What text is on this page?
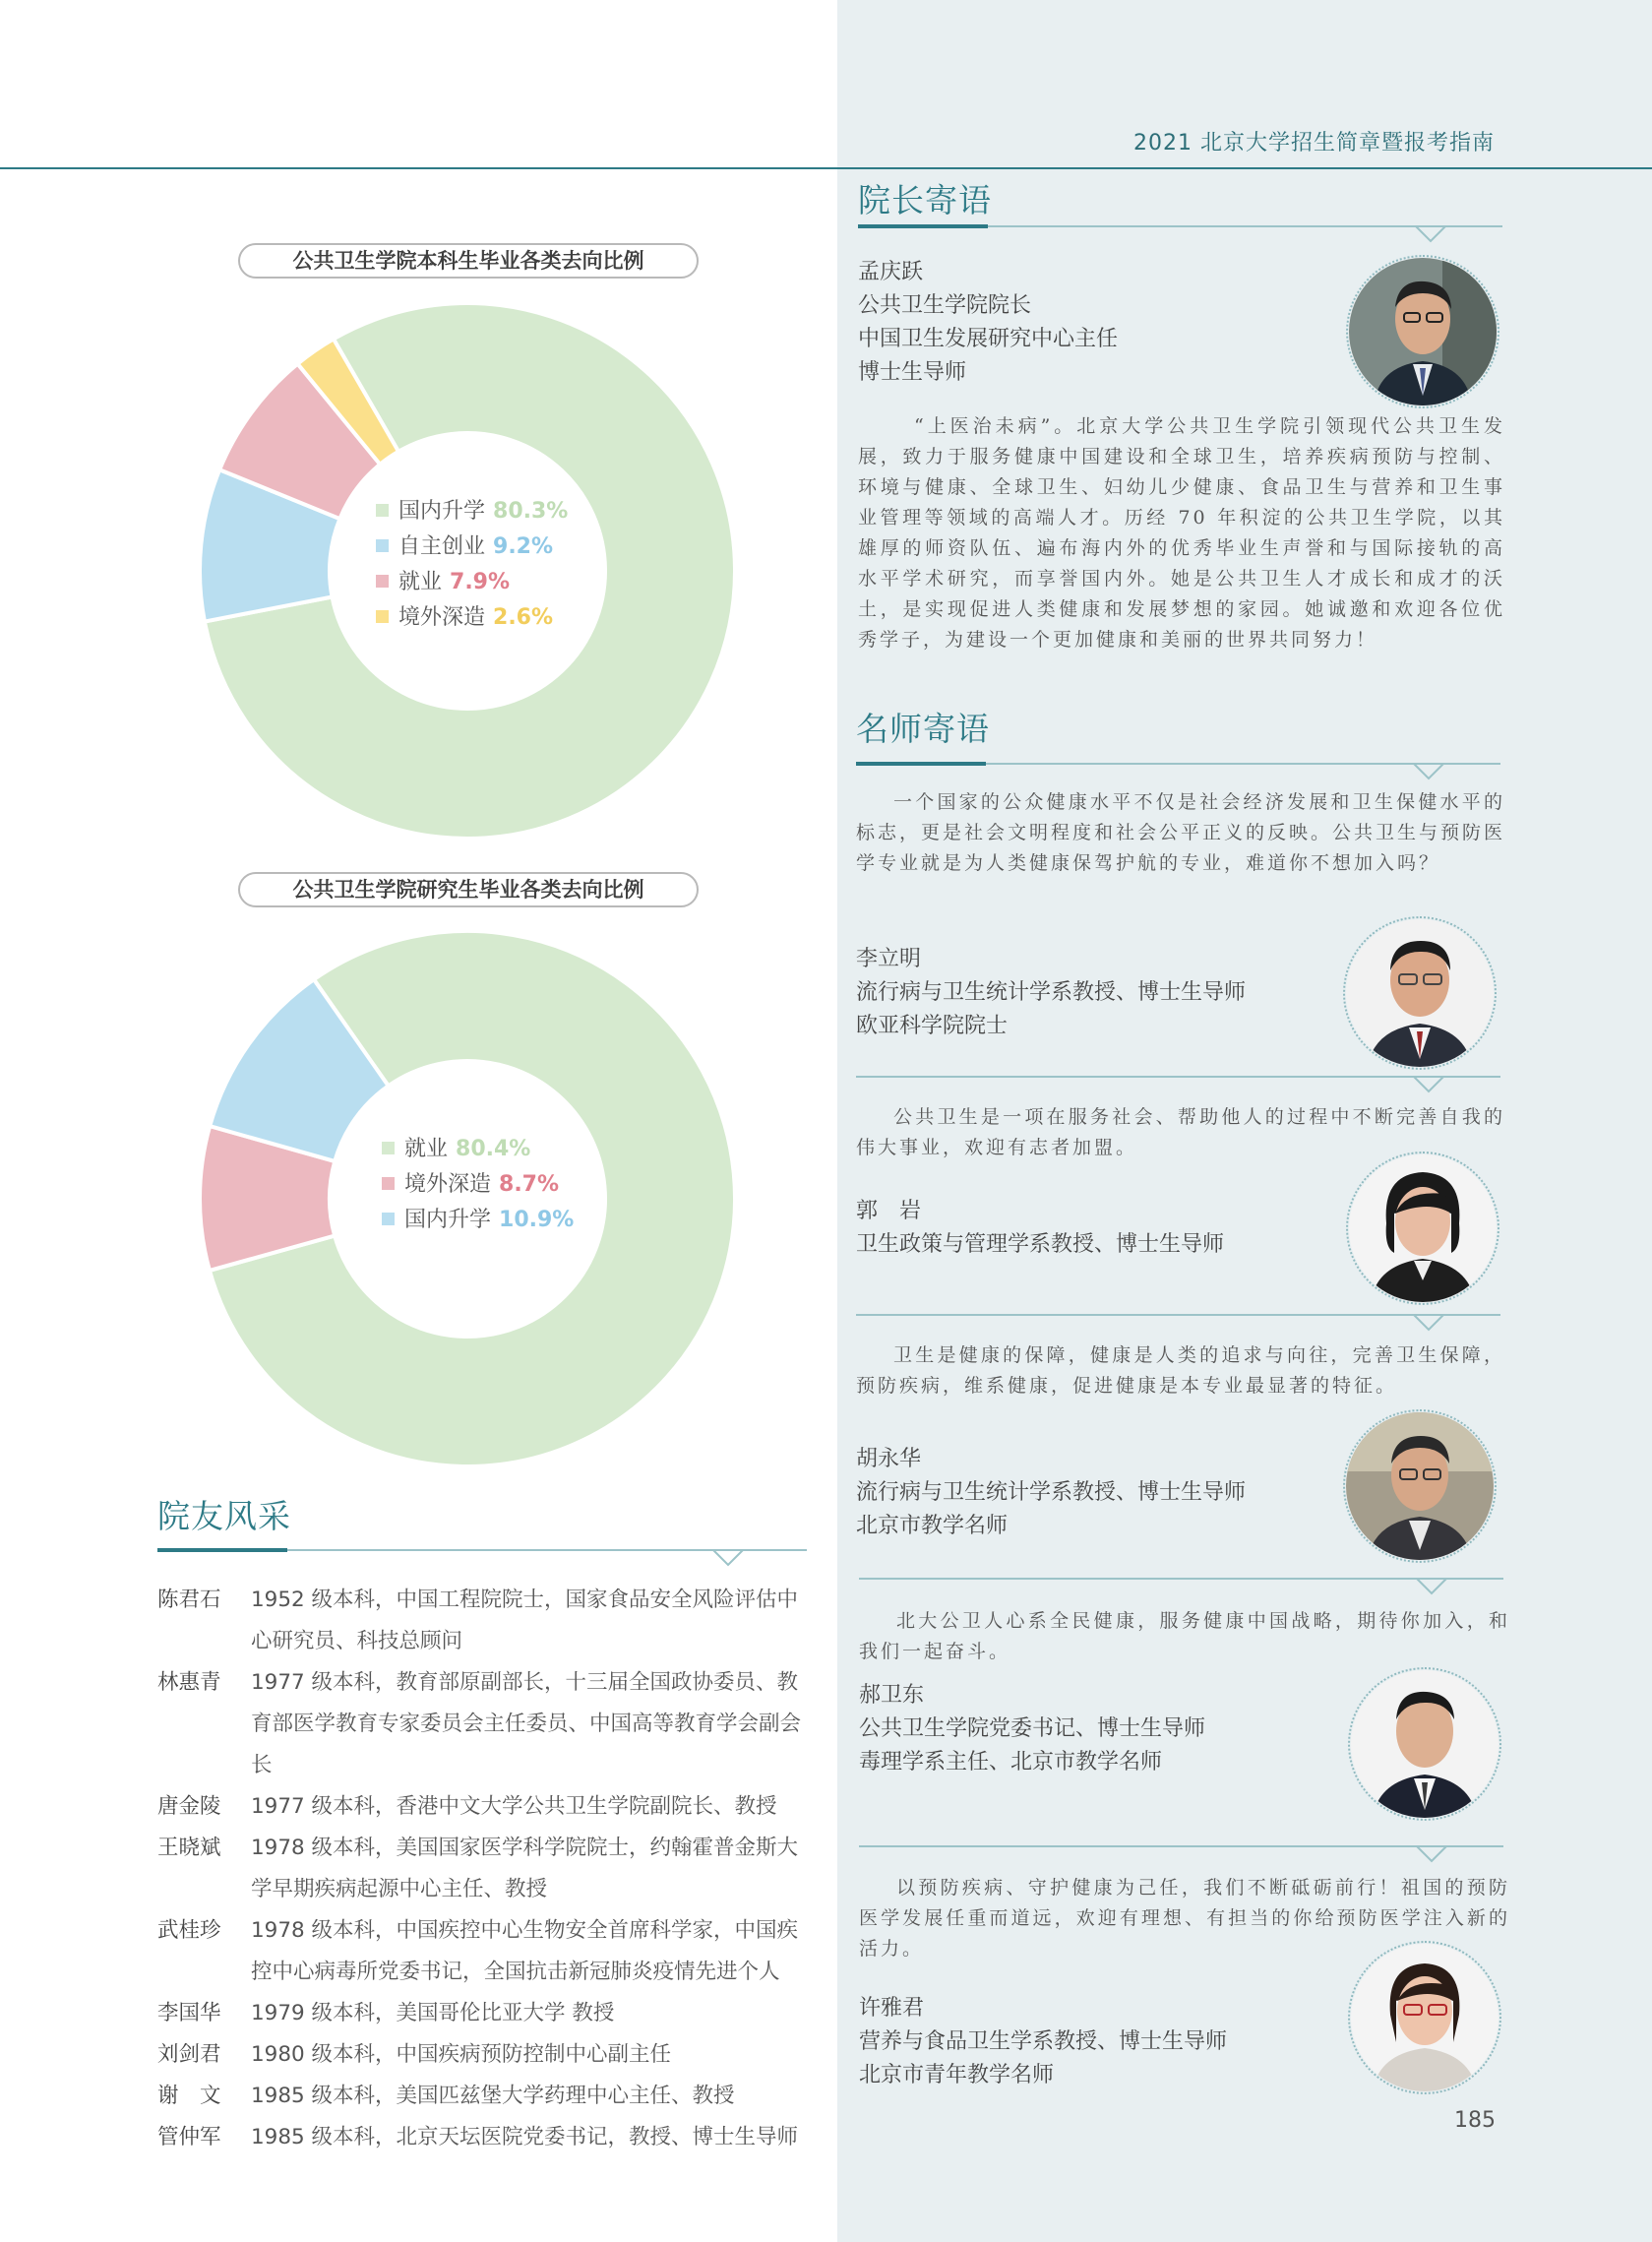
2021 北京大学招生简章暨报考指南
公共卫生学院本科生毕业各类去向比例
国内升学 80.3%
自主创业 9.2%
就业 7.9%
境外深造 2.6%
公共卫生学院研究生毕业各类去向比例
就业 80.4%
境外深造 8.7%
国内升学 10.9%
院友风采
陈君石	1952 级本科，中国工程院院士，国家食品安全风险评估中心研究员、科技总顾问
林惠青	1977 级本科，教育部原副部长，十三届全国政协委员、教育部医学教育专家委员会主任委员、中国高等教育学会副会长
唐金陵	1977 级本科，香港中文大学公共卫生学院副院长、教授
王晓斌	1978 级本科，美国国家医学科学院院士，约翰霍普金斯大学早期疾病起源中心主任、教授
武桂珍	1978 级本科，中国疾控中心生物安全首席科学家，中国疾控中心病毒所党委书记，全国抗击新冠肺炎疫情先进个人
李国华	1979 级本科，美国哥伦比亚大学 教授
刘剑君	1980 级本科，中国疾病预防控制中心副主任
谢　文	1985 级本科，美国匹兹堡大学药理中心主任、教授
管仲军	1985 级本科，北京天坛医院党委书记，教授、博士生导师
院长寄语
孟庆跃
公共卫生学院院长
中国卫生发展研究中心主任
博士生导师
“上医治未病”。北京大学公共卫生学院引领现代公共卫生发展，致力于服务健康中国建设和全球卫生，培养疾病预防与控制、环境与健康、全球卫生、妇幼儿少健康、食品卫生与营养和卫生事业管理等领域的高端人才。历经 70 年积淀的公共卫生学院，以其雄厚的师资队伍、遍布海内外的优秀毕业生声誉和与国际接轨的高水平学术研究，而享誉国内外。她是公共卫生人才成长和成才的沃土，是实现促进人类健康和发展梦想的家园。她诚邀和欢迎各位优秀学子，为建设一个更加健康和美丽的世界共同努力！
名师寄语
一个国家的公众健康水平不仅是社会经济发展和卫生保健水平的标志，更是社会文明程度和社会公平正义的反映。公共卫生与预防医学专业就是为人类健康保驾护航的专业，难道你不想加入吗？
李立明
流行病与卫生统计学系教授、博士生导师
欧亚科学院院士
公共卫生是一项在服务社会、帮助他人的过程中不断完善自我的伟大事业，欢迎有志者加盟。
郭　岩
卫生政策与管理学系教授、博士生导师
卫生是健康的保障，健康是人类的追求与向往，完善卫生保障，预防疾病，维系健康，促进健康是本专业最显著的特征。
胡永华
流行病与卫生统计学系教授、博士生导师
北京市教学名师
北大公卫人心系全民健康，服务健康中国战略，期待你加入，和我们一起奋斗。
郝卫东
公共卫生学院党委书记、博士生导师
毒理学系主任、北京市教学名师
以预防疾病、守护健康为己任，我们不断砥砺前行！祖国的预防医学发展任重而道远，欢迎有理想、有担当的你给预防医学注入新的活力。
许雅君
营养与食品卫生学系教授、博士生导师
北京市青年教学名师
185
